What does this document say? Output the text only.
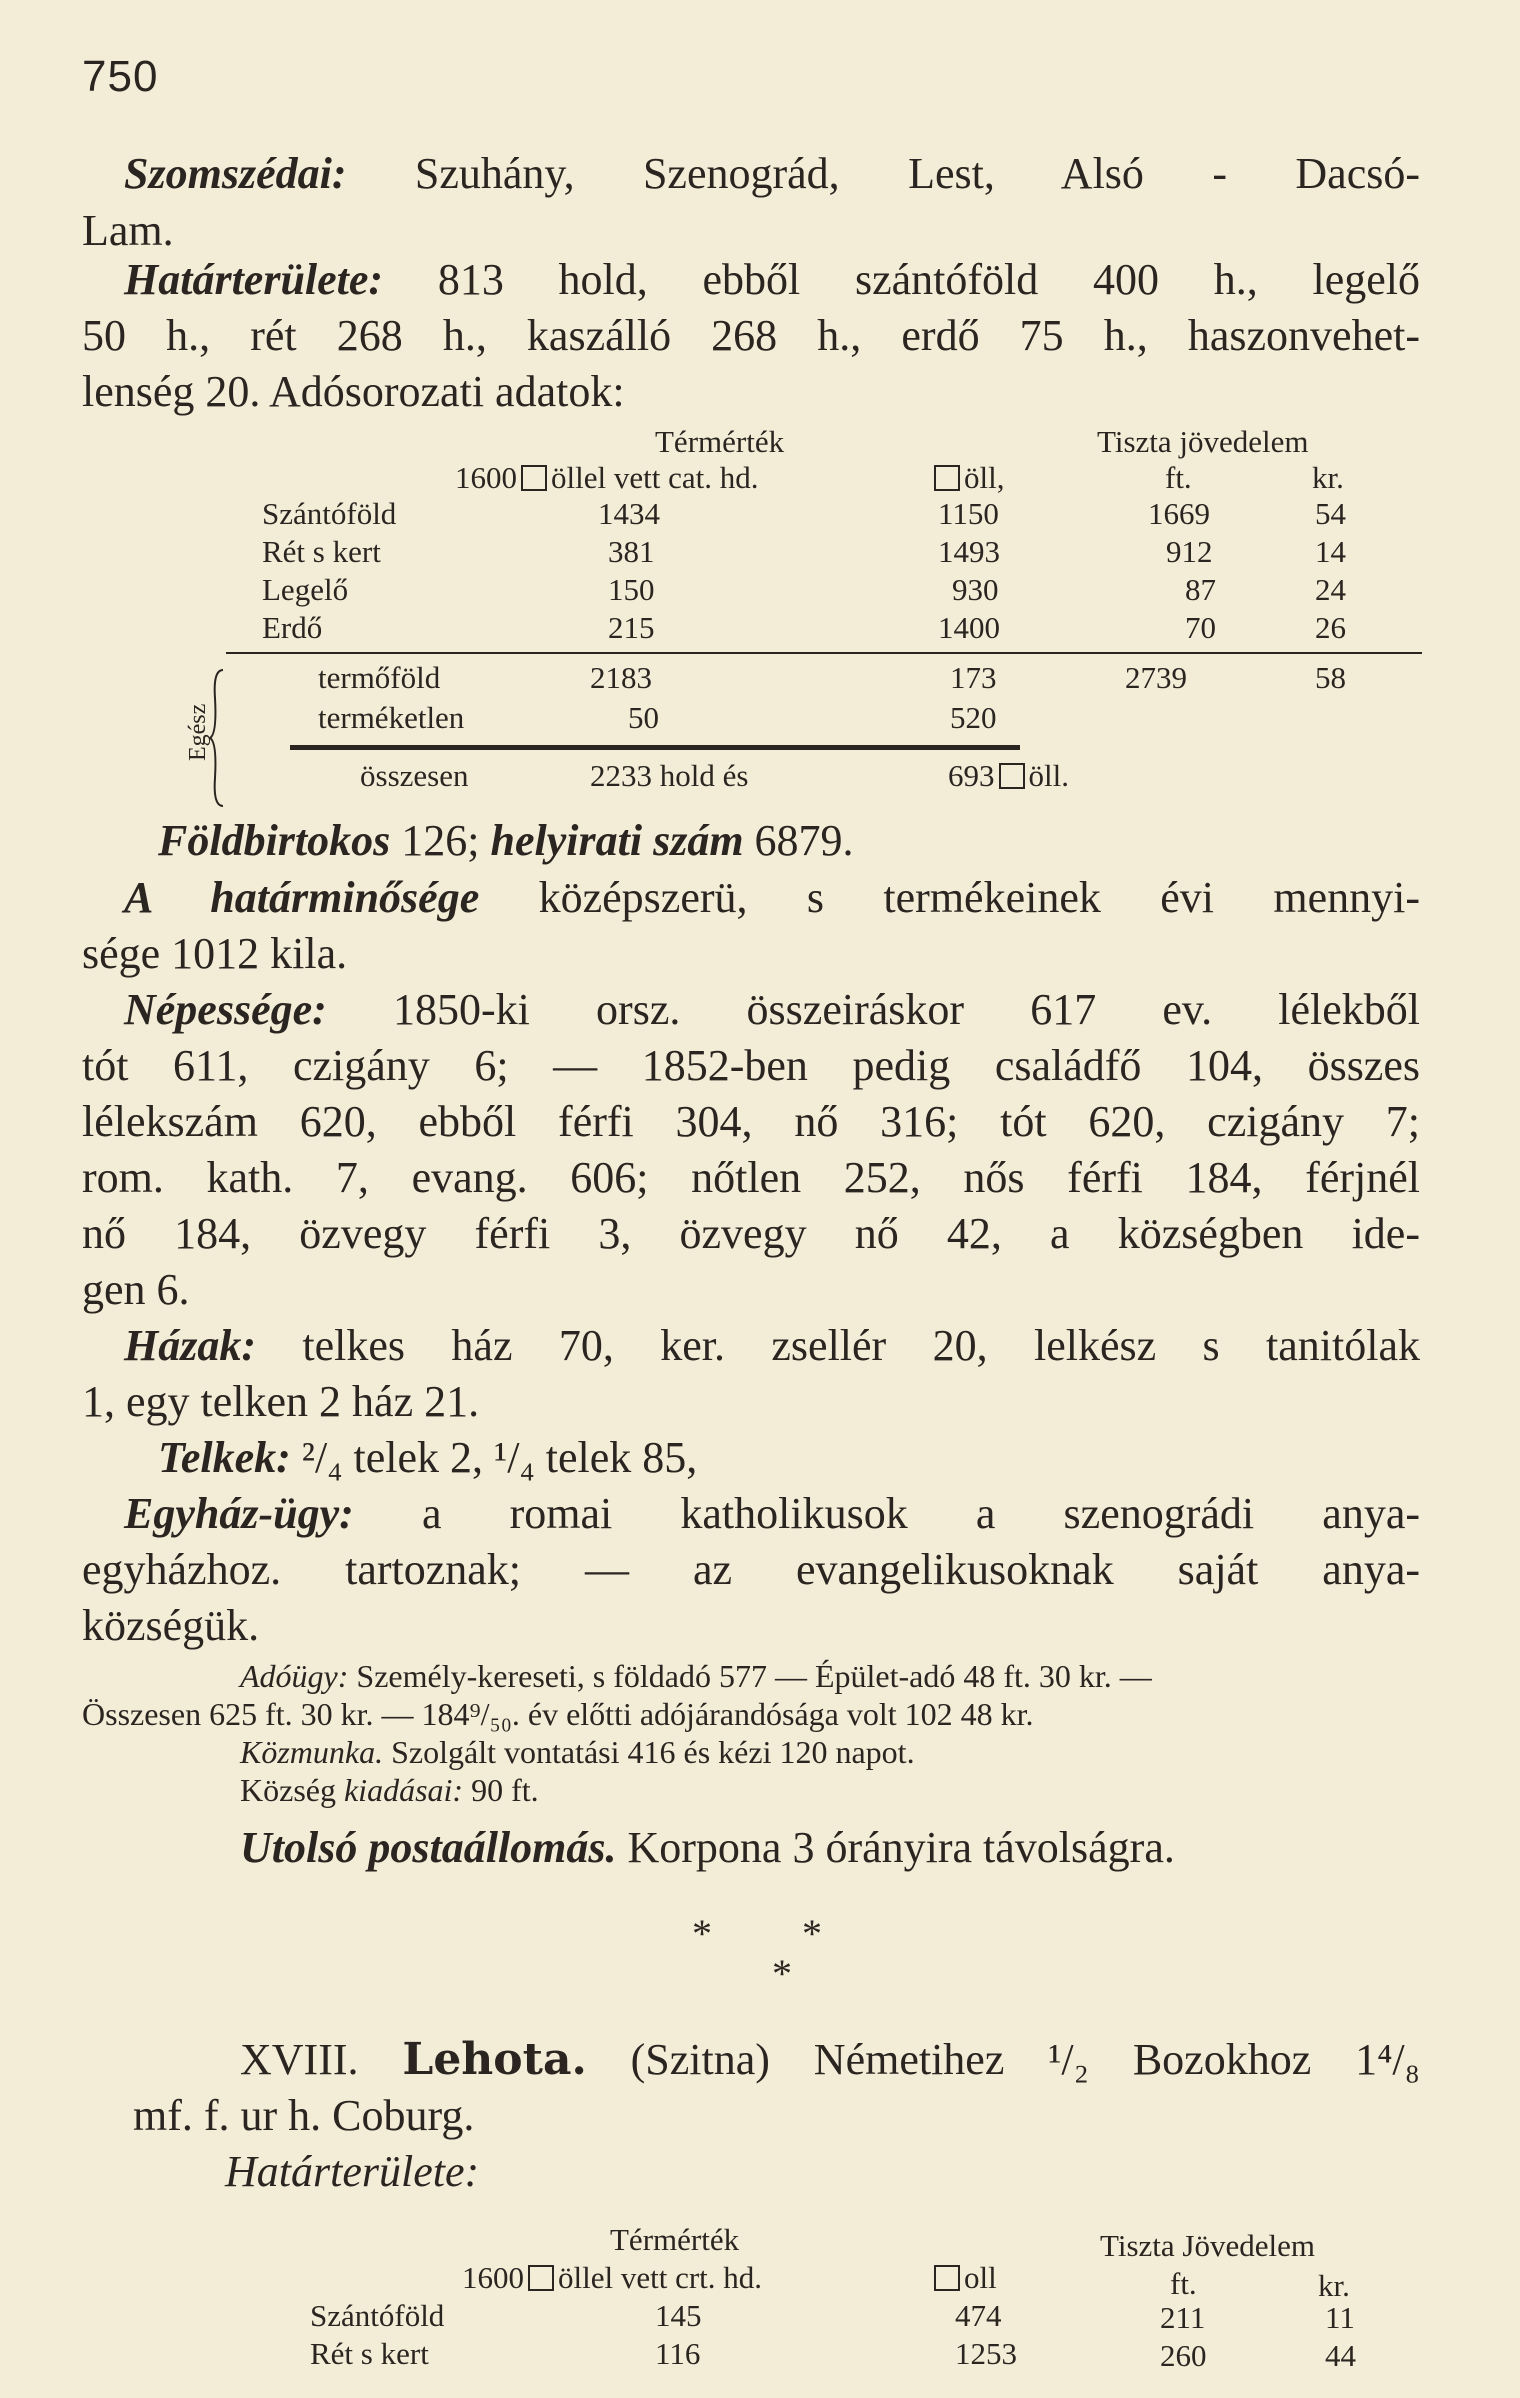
750
Szomszédai: Szuhány, Szenográd, Lest, Alsó - Dacsó-
Lam.
Határterülete: 813 hold, ebből szántóföld 400 h., legelő
50 h., rét 268 h., kaszálló 268 h., erdő 75 h., haszonvehet-
lenség 20. Adósorozati adatok:
Térmérték	Tiszta jövedelem
1600 öllel vett cat. hd.	öll,	ft.	kr.
Szántóföld	1434	1150	1669	54
Rét s kert	381	1493	912	14
Legelő	150	930	87	24
Erdő	215	1400	70	26
Egész
termőföld	2183	173	2739	58
terméketlen	50	520
összesen	2233 hold és	693 öll.
Földbirtokos 126; helyirati szám 6879.
A határminősége középszerü, s termékeinek évi mennyi-
sége 1012 kila.
Népessége: 1850-ki orsz. összeiráskor 617 ev. lélekből
tót 611, czigány 6; — 1852-ben pedig családfő 104, összes
lélekszám 620, ebből férfi 304, nő 316; tót 620, czigány 7;
rom. kath. 7, evang. 606; nőtlen 252, nős férfi 184, férjnél
nő 184, özvegy férfi 3, özvegy nő 42, a községben ide-
gen 6.
Házak: telkes ház 70, ker. zsellér 20, lelkész s tanitólak
1, egy telken 2 ház 21.
Telkek: ²/₄ telek 2, ¹/₄ telek 85,
Egyház-ügy: a romai katholikusok a szenográdi anya-
egyházhoz. tartoznak; — az evangelikusoknak saját anya-
községük.
Adóügy: Személy-kereseti, s földadó 577 — Épület-adó 48 ft. 30 kr. —
Összesen 625 ft. 30 kr. — 184⁹/₅₀. év előtti adójárandósága volt 102 48 kr.
Közmunka. Szolgált vontatási 416 és kézi 120 napot.
Község kiadásai: 90 ft.
Utolsó postaállomás. Korpona 3 órányira távolságra.
* *
*
XVIII. Lehota. (Szitna) Németihez ¹/₂ Bozokhoz 1⁴/₈
mf. f. ur h. Coburg.
Határterülete:
Térmérték	Tiszta Jövedelem
1600 öllel vett crt. hd.	oll	ft.	kr.
Szántóföld	145	474	211	11
Rét s kert	116	1253	260	44
